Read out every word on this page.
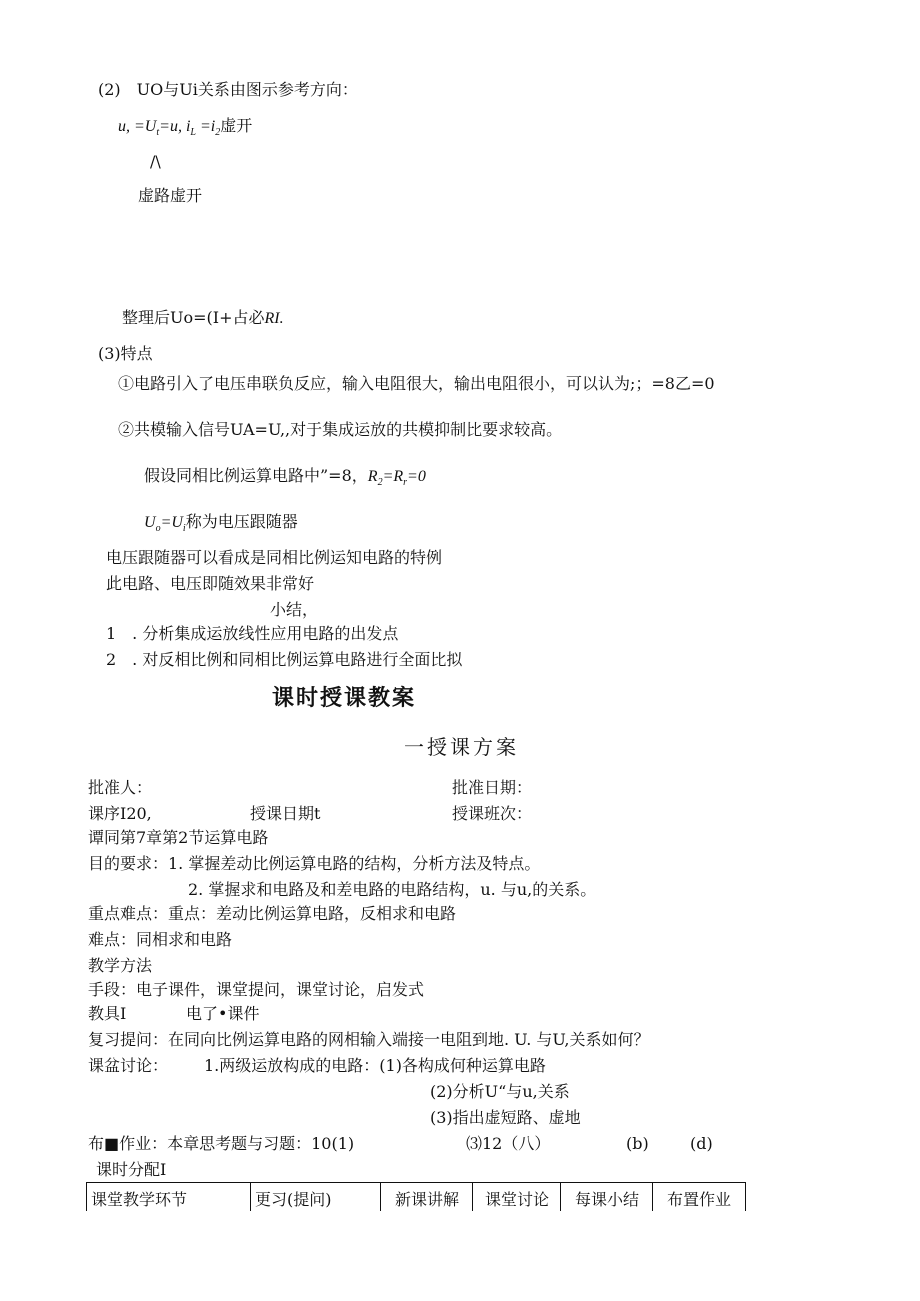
(2)　UO与Ui关系由图示参考方向：
u, $=U_t=u$, $i_L =i_2$虚开
/\
虚路虚开
整理后Uo=(I+占必RI.
(3)特点
①电路引入了电压串联负反应，输入电阻很大，输出电阻很小，可以认为;；=8乙=0
②共模输入信号UA=U,,对于集成运放的共模抑制比要求较高。
假设同相比例运算电路中”=8，$R_2=R_r=0$
$U_o=U_i$称为电压跟随器
电压跟随器可以看成是同相比例运知电路的特例
此电路、电压即随效果非常好
小结，
1　. 分析集成运放线性应用电路的出发点
2　. 对反相比例和同相比例运算电路进行全面比拟
课时授课教案
一授课方案
批准人：	批准日期：
课序I20,	授课日期t	授课班次：
谭同第7章第2节运算电路
目的要求：1. 掌握差动比例运算电路的结构，分析方法及特点。
2. 掌握求和电路及和差电路的电路结构，u. 与u,的关系。
重点难点：重点：差动比例运算电路，反相求和电路
难点：同相求和电路
教学方法
手段：电子课件，课堂提问，课堂讨论，启发式
教具I	电了•课件
复习提问：在同向比例运算电路的网相输入端接一电阻到地. U. 与U,关系如何？
课盆讨论： 1.两级运放构成的电路：(1)各构成何种运算电路
(2)分析U“与u,关系
(3)指出虚短路、虚地
布■作业：本章思考题与习题：10(1)	⑶12（八）	(b)	(d)
课时分配I
课堂教学环节	更习(提问)	新课讲解	课堂讨论	每课小结	布置作业
